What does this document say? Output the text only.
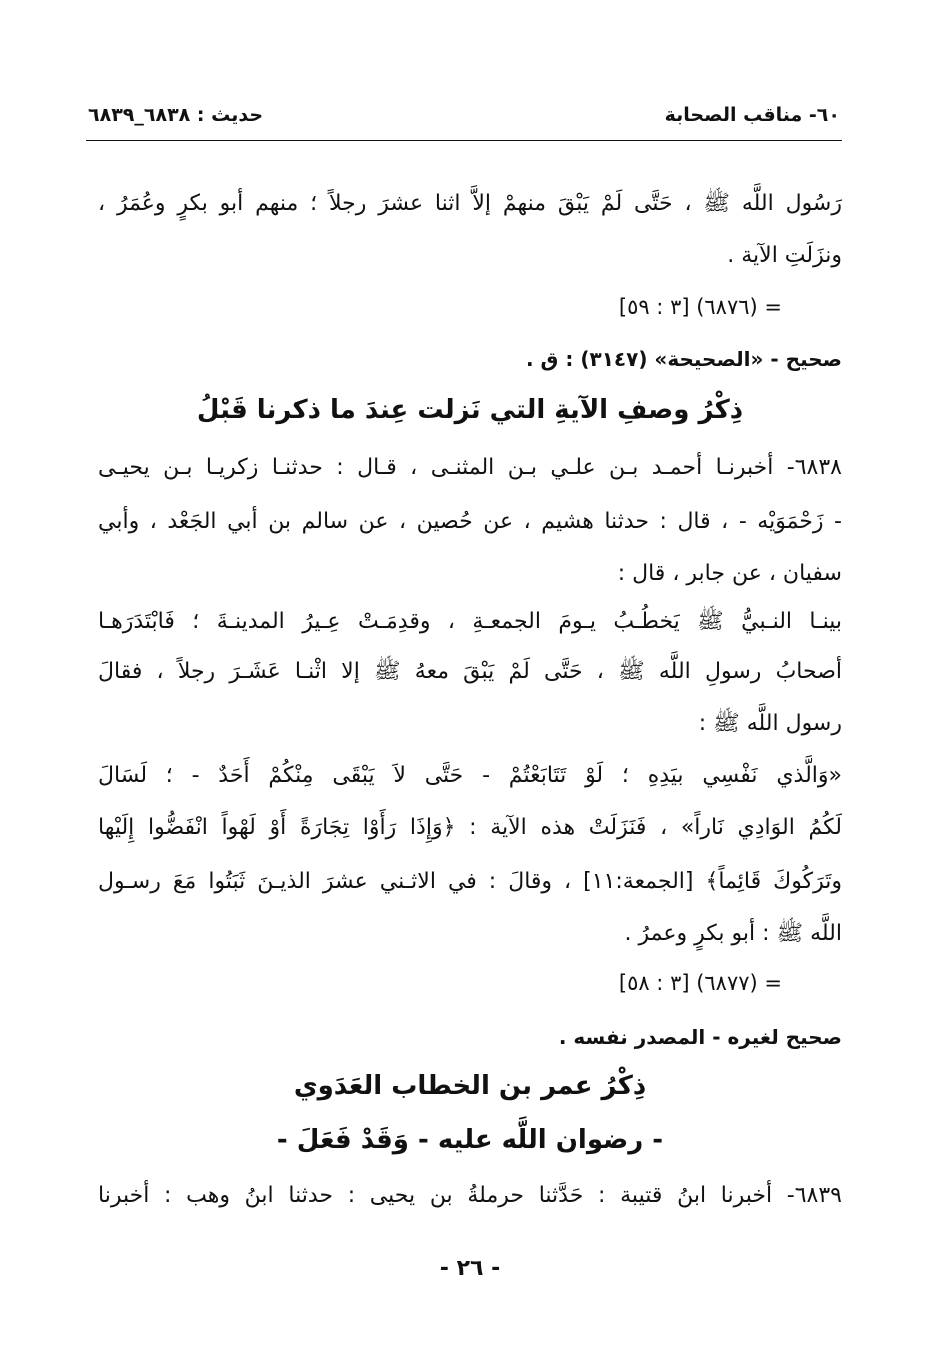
٦٠- مناقب الصحابة
حديث : ٦٨٣٨_٦٨٣٩
رَسُول اللَّه ﷺ ، حَتَّى لَمْ يَبْقَ منهمْ إلاَّ اثنا عشرَ رجلاً ؛ منهم أبو بكرٍ وعُمَرُ ،
ونزَلَتِ الآية .
= (٦٨٧٦) [٣ : ٥٩]
صحيح - «الصحيحة» (٣١٤٧) : ق .
ذِكْرُ وصفِ الآيةِ التي نَزلت عِندَ ما ذكرنا قَبْلُ
٦٨٣٨- أخبرنـا أحمـد بـن علـي بـن المثنـى ، قـال : حدثنـا زكريـا بـن يحيـى
- زَحْمَوَيْه - ، قال : حدثنا هشيم ، عن حُصين ، عن سالم بن أبي الجَعْد ، وأبي
سفيان ، عن جابر ، قال :
بينـا النـبيُّ ﷺ يَخطُـبُ يـومَ الجمعـةِ ، وقدِمَـتْ عِـيرُ المدينـةَ ؛ فَابْتَدَرَهـا
أصحابُ رسولِ اللَّه ﷺ ، حَتَّى لَمْ يَبْقَ معهُ ﷺ إلا اثْنـا عَشَـرَ رجلاً ، فقالَ
رسول اللَّه ﷺ :
«وَالَّذي نَفْسِي بيَدِهِ ؛ لَوْ تَتَابَعْتُمْ - حَتَّى لاَ يَبْقَى مِنْكُمْ أَحَدٌ - ؛ لَسَالَ
لَكُمُ الوَادِي نَاراً» ، فَنَزَلَتْ هذه الآية : ﴿وَإِذَا رَأَوْا تِجَارَةً أَوْ لَهْواً انْفَضُّوا إِلَيْها
وتَرَكُوكَ قَائِماً﴾ [الجمعة:١١] ، وقالَ : في الاثـني عشرَ الذيـنَ ثَبَتُوا مَعَ رسـول
اللَّه ﷺ : أبو بكرٍ وعمرُ .
= (٦٨٧٧) [٣ : ٥٨]
صحيح لغيره - المصدر نفسه .
ذِكْرُ عمر بن الخطاب العَدَوي
- رضوان اللَّه عليه - وَقَدْ فَعَلَ -
٦٨٣٩- أخبرنا ابنُ قتيبة : حَدَّثنا حرملةُ بن يحيى : حدثنا ابنُ وهب : أخبرنا
- ٢٦ -
